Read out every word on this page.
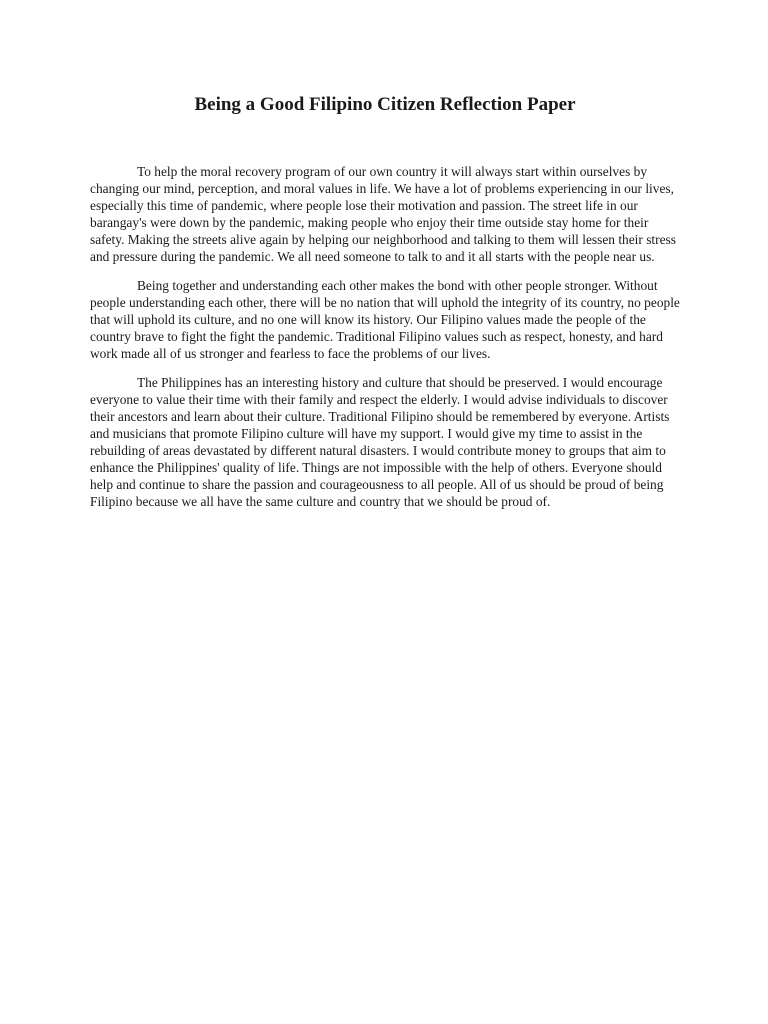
Being a Good Filipino Citizen Reflection Paper

To help the moral recovery program of our own country it will always start within ourselves by changing our mind, perception, and moral values in life. We have a lot of problems experiencing in our lives, especially this time of pandemic, where people lose their motivation and passion. The street life in our barangay's were down by the pandemic, making people who enjoy their time outside stay home for their safety. Making the streets alive again by helping our neighborhood and talking to them will lessen their stress and pressure during the pandemic. We all need someone to talk to and it all starts with the people near us.

Being together and understanding each other makes the bond with other people stronger. Without people understanding each other, there will be no nation that will uphold the integrity of its country, no people that will uphold its culture, and no one will know its history. Our Filipino values made the people of the country brave to fight the fight the pandemic. Traditional Filipino values such as respect, honesty, and hard work made all of us stronger and fearless to face the problems of our lives.

The Philippines has an interesting history and culture that should be preserved. I would encourage everyone to value their time with their family and respect the elderly. I would advise individuals to discover their ancestors and learn about their culture. Traditional Filipino should be remembered by everyone. Artists and musicians that promote Filipino culture will have my support. I would give my time to assist in the rebuilding of areas devastated by different natural disasters. I would contribute money to groups that aim to enhance the Philippines' quality of life. Things are not impossible with the help of others. Everyone should help and continue to share the passion and courageousness to all people. All of us should be proud of being Filipino because we all have the same culture and country that we should be proud of.
